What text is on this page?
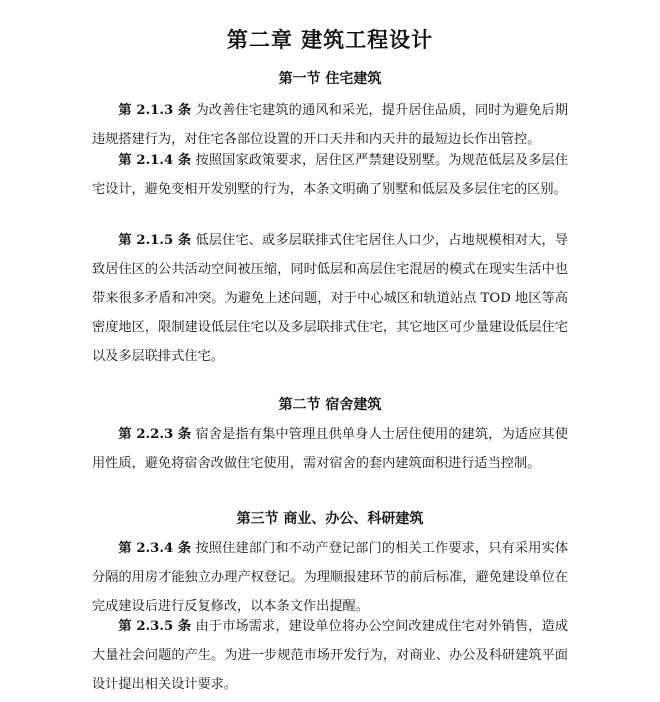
第二章 建筑工程设计
第一节 住宅建筑

第 2.1.3 条 为改善住宅建筑的通风和采光，提升居住品质，同时为避免后期违规搭建行为，对住宅各部位设置的开口天井和内天井的最短边长作出管控。

第 2.1.4 条 按照国家政策要求，居住区严禁建设别墅。为规范低层及多层住宅设计，避免变相开发别墅的行为，本条文明确了别墅和低层及多层住宅的区别。

第 2.1.5 条 低层住宅、或多层联排式住宅居住人口少，占地规模相对大，导致居住区的公共活动空间被压缩，同时低层和高层住宅混居的模式在现实生活中也带来很多矛盾和冲突。为避免上述问题，对于中心城区和轨道站点 TOD 地区等高密度地区，限制建设低层住宅以及多层联排式住宅，其它地区可少量建设低层住宅以及多层联排式住宅。

第二节 宿舍建筑

第 2.2.3 条 宿舍是指有集中管理且供单身人士居住使用的建筑，为适应其使用性质，避免将宿舍改做住宅使用，需对宿舍的套内建筑面积进行适当控制。

第三节 商业、办公、科研建筑

第 2.3.4 条 按照住建部门和不动产登记部门的相关工作要求，只有采用实体分隔的用房才能独立办理产权登记。为理顺报建环节的前后标准，避免建设单位在完成建设后进行反复修改，以本条文作出提醒。

第 2.3.5 条 由于市场需求，建设单位将办公空间改建成住宅对外销售，造成大量社会问题的产生。为进一步规范市场开发行为，对商业、办公及科研建筑平面设计提出相关设计要求。
